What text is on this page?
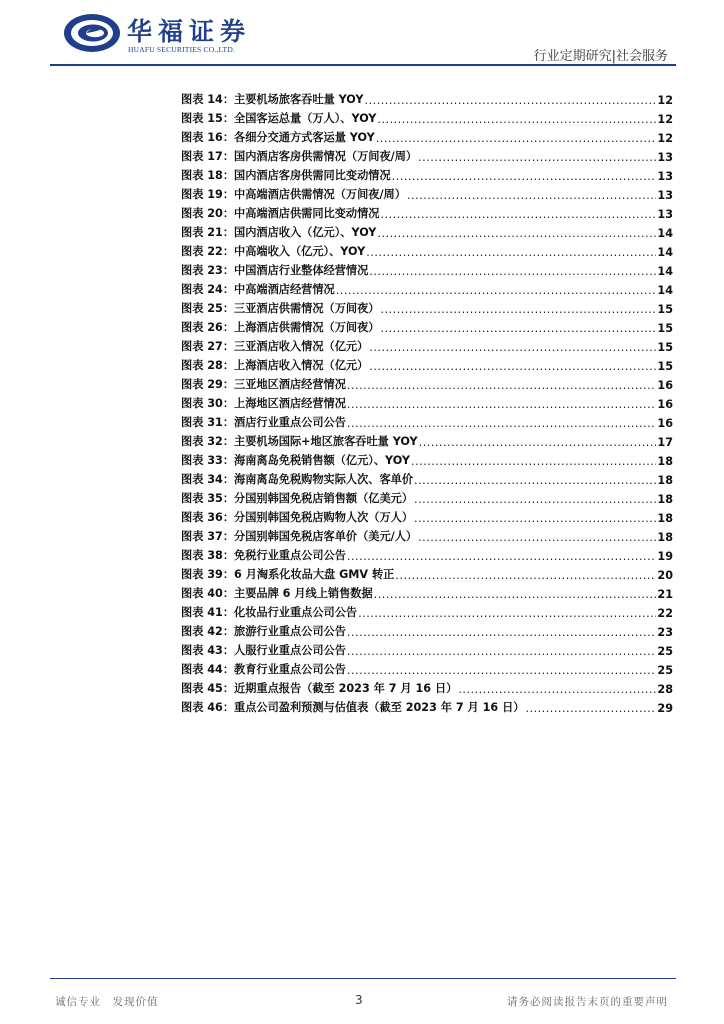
华福证券
HUAFU SECURITIES CO.,LTD.	行业定期研究|社会服务
图表 14：主要机场旅客吞吐量 YOY .....	12
图表 15：全国客运总量（万人）、YOY .....	12
图表 16：各细分交通方式客运量 YOY .....	12
图表 17：国内酒店客房供需情况（万间夜/周） .....	13
图表 18：国内酒店客房供需同比变动情况 .....	13
图表 19：中高端酒店供需情况（万间夜/周） .....	13
图表 20：中高端酒店供需同比变动情况 .....	13
图表 21：国内酒店收入（亿元）、YOY .....	14
图表 22：中高端收入（亿元）、YOY .....	14
图表 23：中国酒店行业整体经营情况 .....	14
图表 24：中高端酒店经营情况 .....	14
图表 25：三亚酒店供需情况（万间夜） .....	15
图表 26：上海酒店供需情况（万间夜） .....	15
图表 27：三亚酒店收入情况（亿元） .....	15
图表 28：上海酒店收入情况（亿元） .....	15
图表 29：三亚地区酒店经营情况 .....	16
图表 30：上海地区酒店经营情况 .....	16
图表 31：酒店行业重点公司公告 .....	16
图表 32：主要机场国际+地区旅客吞吐量 YOY .....	17
图表 33：海南离岛免税销售额（亿元）、YOY .....	18
图表 34：海南离岛免税购物实际人次、客单价 .....	18
图表 35：分国别韩国免税店销售额（亿美元） .....	18
图表 36：分国别韩国免税店购物人次（万人） .....	18
图表 37：分国别韩国免税店客单价（美元/人） .....	18
图表 38：免税行业重点公司公告 .....	19
图表 39：6 月淘系化妆品大盘 GMV 转正 .....	20
图表 40：主要品牌 6 月线上销售数据 .....	21
图表 41：化妆品行业重点公司公告 .....	22
图表 42：旅游行业重点公司公告 .....	23
图表 43：人服行业重点公司公告 .....	25
图表 44：教育行业重点公司公告 .....	25
图表 45：近期重点报告（截至 2023 年 7 月 16 日） .....	28
图表 46：重点公司盈利预测与估值表（截至 2023 年 7 月 16 日） .....	29
诚信专业　发现价值	3	请务必阅读报告末页的重要声明
